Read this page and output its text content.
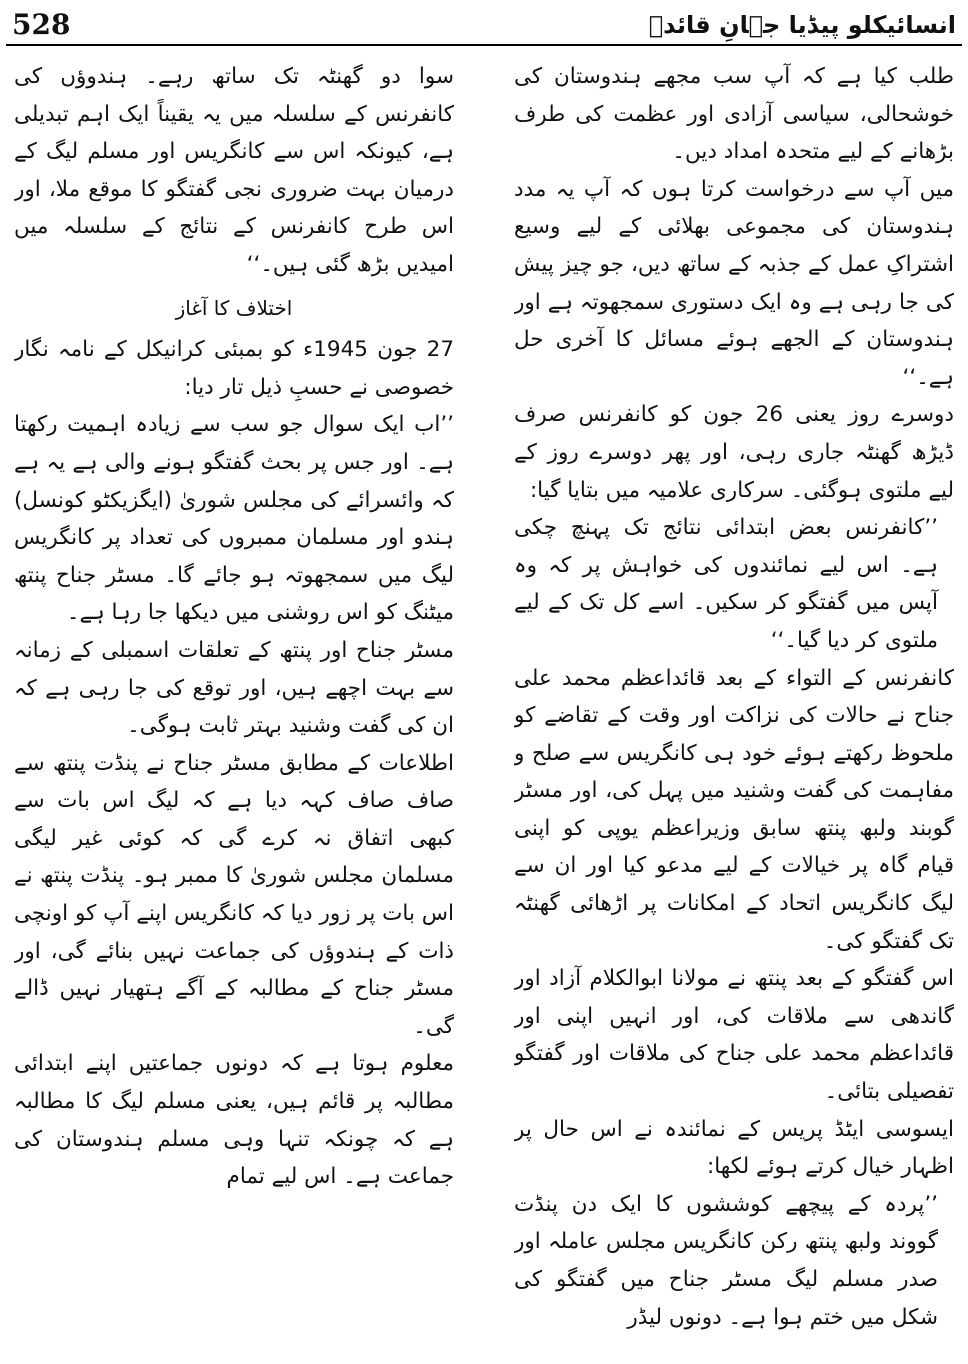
528	انسائیکلو پیڈیا جہانِ قائدؒ

طلب کیا ہے کہ آپ سب مجھے ہندوستان کی خوشحالی، سیاسی آزادی اور عظمت کی طرف بڑھانے کے لیے متحدہ امداد دیں۔

میں آپ سے درخواست کرتا ہوں کہ آپ یہ مدد ہندوستان کی مجموعی بھلائی کے لیے وسیع اشتراکِ عمل کے جذبہ کے ساتھ دیں، جو چیز پیش کی جا رہی ہے وہ ایک دستوری سمجھوتہ ہے اور ہندوستان کے الجھے ہوئے مسائل کا آخری حل ہے۔‘‘

دوسرے روز یعنی 26 جون کو کانفرنس صرف ڈیڑھ گھنٹہ جاری رہی، اور پھر دوسرے روز کے لیے ملتوی ہوگئی۔ سرکاری علامیہ میں بتایا گیا:

’’کانفرنس بعض ابتدائی نتائج تک پہنچ چکی ہے۔ اس لیے نمائندوں کی خواہش پر کہ وہ آپس میں گفتگو کر سکیں۔ اسے کل تک کے لیے ملتوی کر دیا گیا۔‘‘

کانفرنس کے التواء کے بعد قائداعظم محمد علی جناح نے حالات کی نزاکت اور وقت کے تقاضے کو ملحوظ رکھتے ہوئے خود ہی کانگریس سے صلح و مفاہمت کی گفت وشنید میں پہل کی، اور مسٹر گوبند ولبھ پنتھ سابق وزیراعظم یوپی کو اپنی قیام گاہ پر خیالات کے لیے مدعو کیا اور ان سے لیگ کانگریس اتحاد کے امکانات پر اڑھائی گھنٹہ تک گفتگو کی۔

اس گفتگو کے بعد پنتھ نے مولانا ابوالکلام آزاد اور گاندھی سے ملاقات کی، اور انہیں اپنی اور قائداعظم محمد علی جناح کی ملاقات اور گفتگو تفصیلی بتائی۔

ایسوسی ایٹڈ پریس کے نمائندہ نے اس حال پر اظہار خیال کرتے ہوئے لکھا:

’’پردہ کے پیچھے کوششوں کا ایک دن پنڈت گووند ولبھ پنتھ رکن کانگریس مجلس عاملہ اور صدر مسلم لیگ مسٹر جناح میں گفتگو کی شکل میں ختم ہوا ہے۔ دونوں لیڈر

سوا دو گھنٹہ تک ساتھ رہے۔ ہندوؤں کی کانفرنس کے سلسلہ میں یہ یقیناً ایک اہم تبدیلی ہے، کیونکہ اس سے کانگریس اور مسلم لیگ کے درمیان بہت ضروری نجی گفتگو کا موقع ملا، اور اس طرح کانفرنس کے نتائج کے سلسلہ میں امیدیں بڑھ گئی ہیں۔‘‘

اختلاف کا آغاز

27 جون 1945ء کو بمبئی کرانیکل کے نامہ نگار خصوصی نے حسبِ ذیل تار دیا:

’’اب ایک سوال جو سب سے زیادہ اہمیت رکھتا ہے۔ اور جس پر بحث گفتگو ہونے والی ہے یہ ہے کہ وائسرائے کی مجلس شوریٰ (ایگزیکٹو کونسل) ہندو اور مسلمان ممبروں کی تعداد پر کانگریس لیگ میں سمجھوتہ ہو جائے گا۔ مسٹر جناح پنتھ میٹنگ کو اس روشنی میں دیکھا جا رہا ہے۔

مسٹر جناح اور پنتھ کے تعلقات اسمبلی کے زمانہ سے بہت اچھے ہیں، اور توقع کی جا رہی ہے کہ ان کی گفت وشنید بہتر ثابت ہوگی۔

اطلاعات کے مطابق مسٹر جناح نے پنڈت پنتھ سے صاف صاف کہہ دیا ہے کہ لیگ اس بات سے کبھی اتفاق نہ کرے گی کہ کوئی غیر لیگی مسلمان مجلس شوریٰ کا ممبر ہو۔ پنڈت پنتھ نے اس بات پر زور دیا کہ کانگریس اپنے آپ کو اونچی ذات کے ہندوؤں کی جماعت نہیں بنائے گی، اور مسٹر جناح کے مطالبہ کے آگے ہتھیار نہیں ڈالے گی۔

معلوم ہوتا ہے کہ دونوں جماعتیں اپنے ابتدائی مطالبہ پر قائم ہیں، یعنی مسلم لیگ کا مطالبہ ہے کہ چونکہ تنہا وہی مسلم ہندوستان کی جماعت ہے۔ اس لیے تمام
